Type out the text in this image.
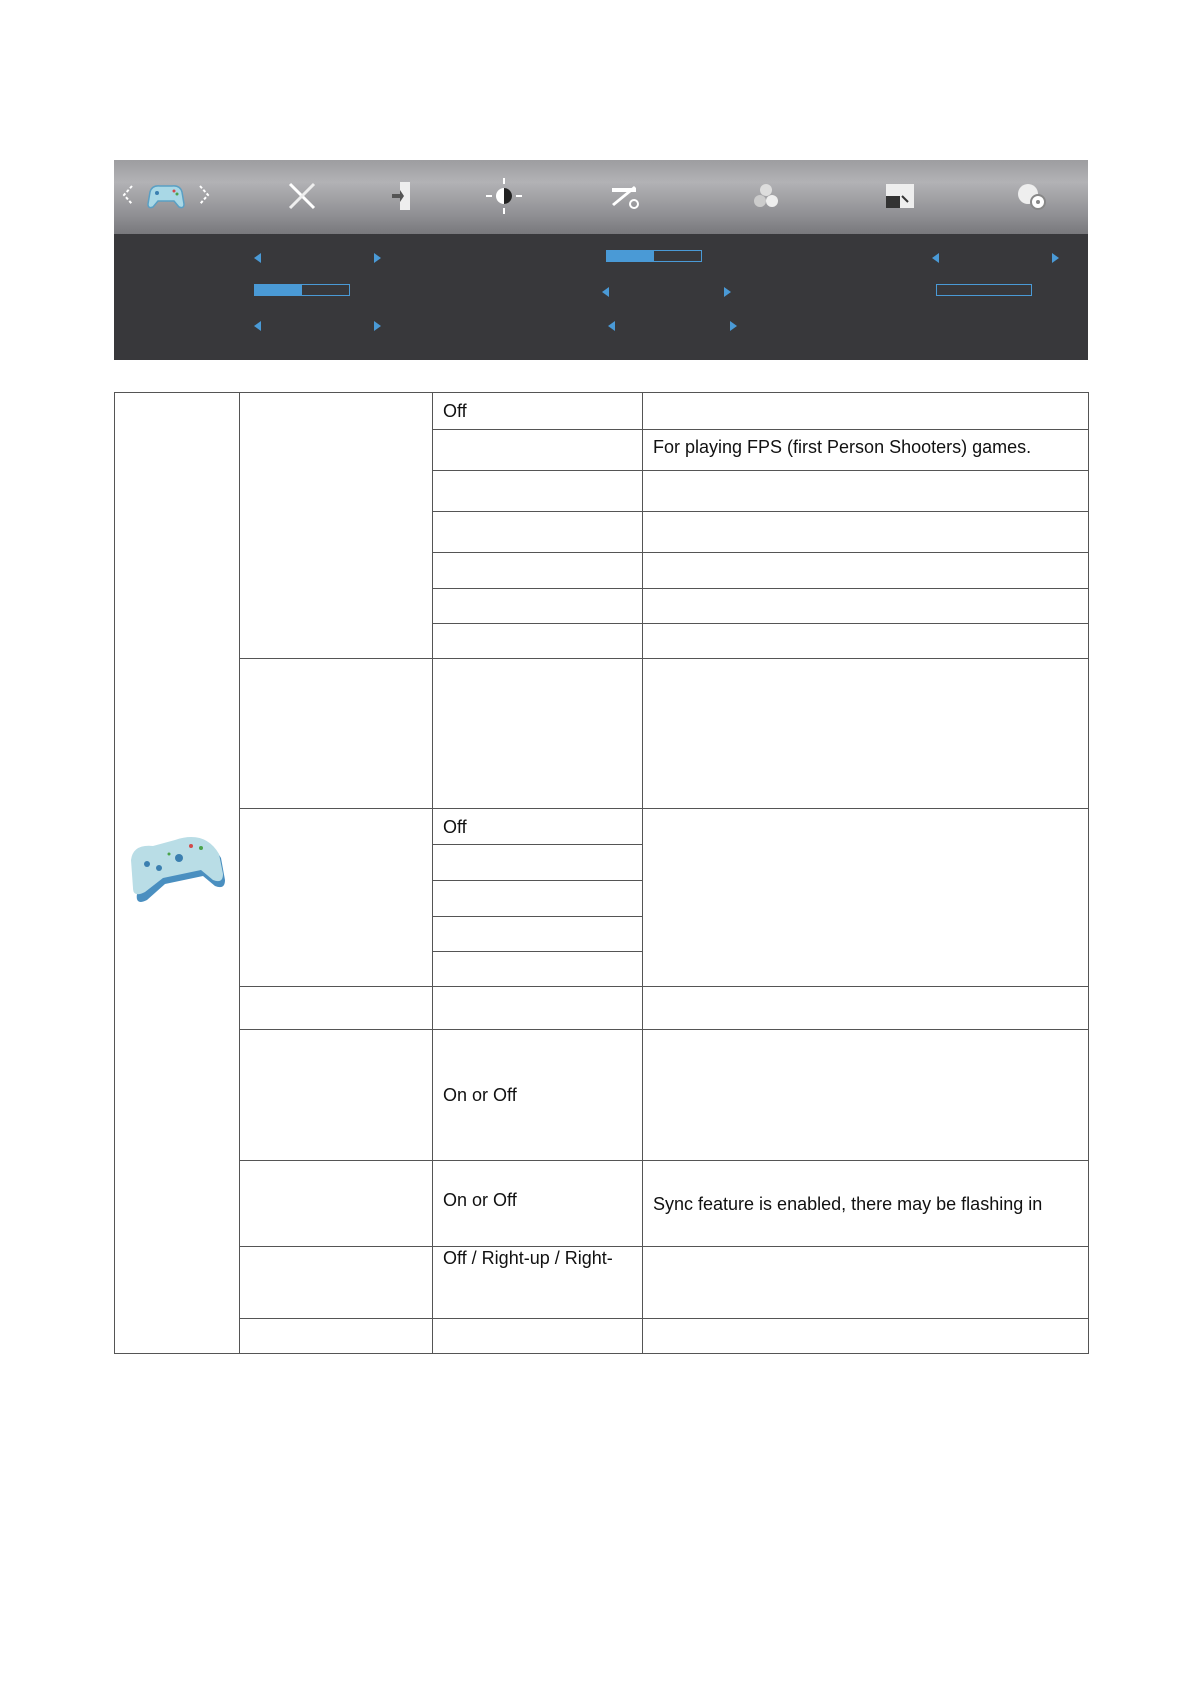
		Off	
			For playing FPS (first Person Shooters) games.

		Off	

		On or Off	
		On or Off	Sync feature is enabled, there may be flashing in
		Off / Right-up / Right-	
